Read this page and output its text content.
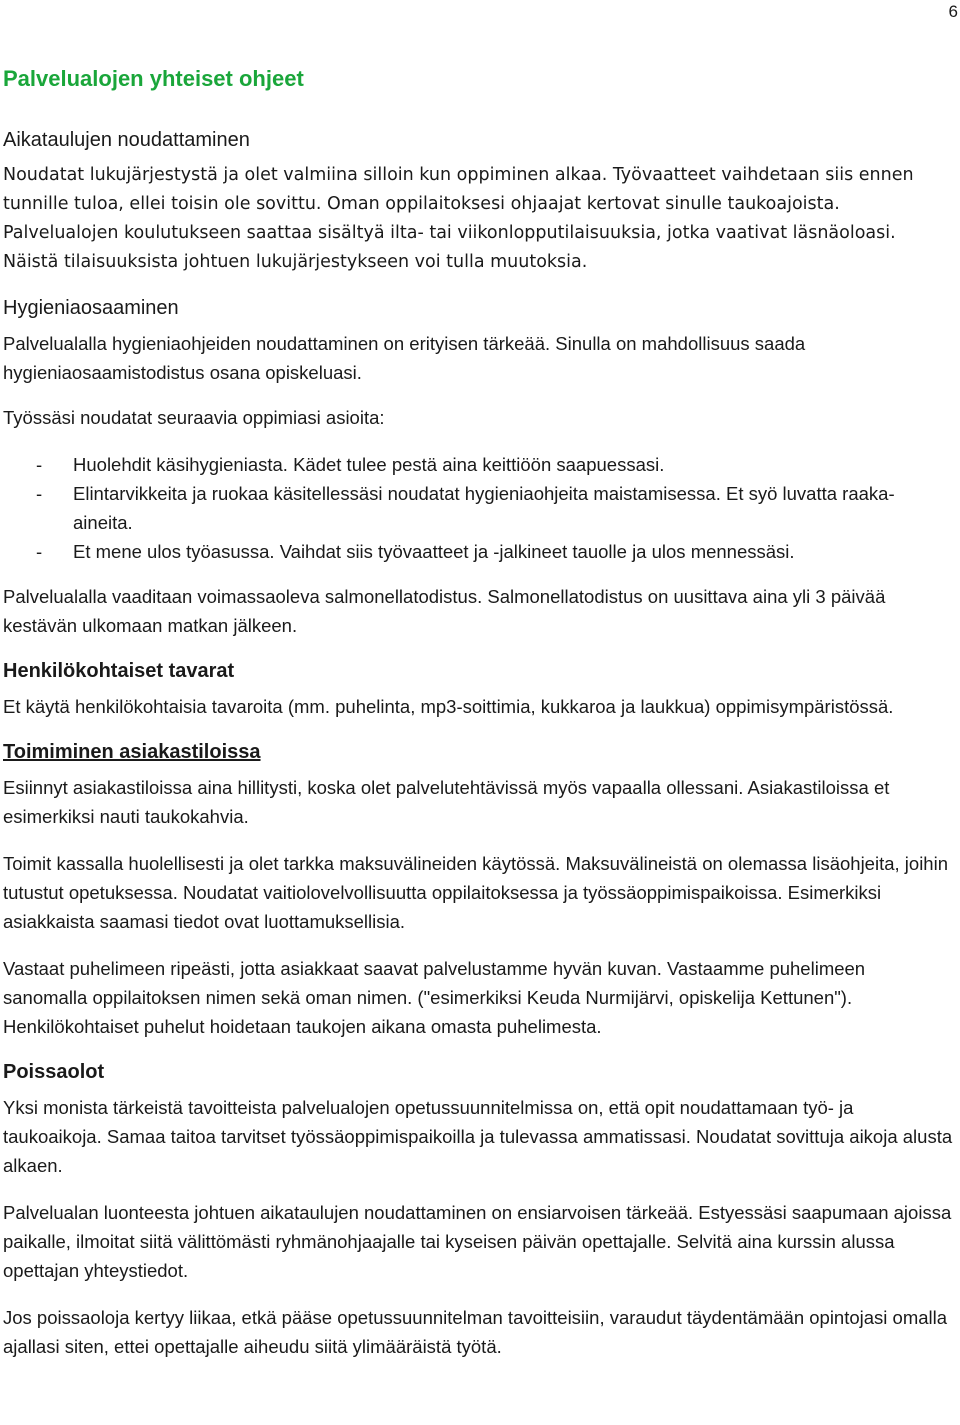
6
Palvelualojen yhteiset ohjeet
Aikataulujen noudattaminen

Noudatat lukujärjestystä ja olet valmiina silloin kun oppiminen alkaa. Työvaatteet vaihdetaan siis ennen tunnille tuloa, ellei toisin ole sovittu. Oman oppilaitoksesi ohjaajat kertovat sinulle taukoajoista. Palvelualojen koulutukseen saattaa sisältyä ilta- tai viikonlopputilaisuuksia, jotka vaativat läsnäoloasi. Näistä tilaisuuksista johtuen lukujärjestykseen voi tulla muutoksia.

Hygieniaosaaminen

Palvelualalla hygieniaohjeiden noudattaminen on erityisen tärkeää. Sinulla on mahdollisuus saada hygieniaosaamistodistus osana opiskeluasi.

Työssäsi noudatat seuraavia oppimiasi asioita:

- Huolehdit käsihygieniasta. Kädet tulee pestä aina keittiöön saapuessasi.
- Elintarvikkeita ja ruokaa käsitellessäsi noudatat hygieniaohjeita maistamisessa. Et syö luvatta raaka-aineita.
- Et mene ulos työasussa. Vaihdat siis työvaatteet ja -jalkineet tauolle ja ulos mennessäsi.

Palvelualalla vaaditaan voimassaoleva salmonellatodistus. Salmonellatodistus on uusittava aina yli 3 päivää kestävän ulkomaan matkan jälkeen.

Henkilökohtaiset tavarat

Et käytä henkilökohtaisia tavaroita (mm. puhelinta, mp3-soittimia, kukkaroa ja laukkua) oppimisympäristössä.

Toimiminen asiakastiloissa

Esiinnyt asiakastiloissa aina hillitysti, koska olet palvelutehtävissä myös vapaalla ollessani. Asiakastiloissa et esimerkiksi nauti taukokahvia.

Toimit kassalla huolellisesti ja olet tarkka maksuvälineiden käytössä. Maksuvälineistä on olemassa lisäohjeita, joihin tutustut opetuksessa. Noudatat vaitiolovelvollisuutta oppilaitoksessa ja työssäoppimispaikoissa. Esimerkiksi asiakkaista saamasi tiedot ovat luottamuksellisia.

Vastaat puhelimeen ripeästi, jotta asiakkaat saavat palvelustamme hyvän kuvan. Vastaamme puhelimeen sanomalla oppilaitoksen nimen sekä oman nimen. ("esimerkiksi Keuda Nurmijärvi, opiskelija Kettunen"). Henkilökohtaiset puhelut hoidetaan taukojen aikana omasta puhelimesta.

Poissaolot

Yksi monista tärkeistä tavoitteista palvelualojen opetussuunnitelmissa on, että opit noudattamaan työ- ja taukoaikoja. Samaa taitoa tarvitset työssäoppimispaikoilla ja tulevassa ammatissasi. Noudatat sovittuja aikoja alusta alkaen.

Palvelualan luonteesta johtuen aikataulujen noudattaminen on ensiarvoisen tärkeää. Estyessäsi saapumaan ajoissa paikalle, ilmoitat siitä välittömästi ryhmänohjaajalle tai kyseisen päivän opettajalle. Selvitä aina kurssin alussa opettajan yhteystiedot.

Jos poissaoloja kertyy liikaa, etkä pääse opetussuunnitelman tavoitteisiin, varaudut täydentämään opintojasi omalla ajallasi siten, ettei opettajalle aiheudu siitä ylimääräistä työtä.
